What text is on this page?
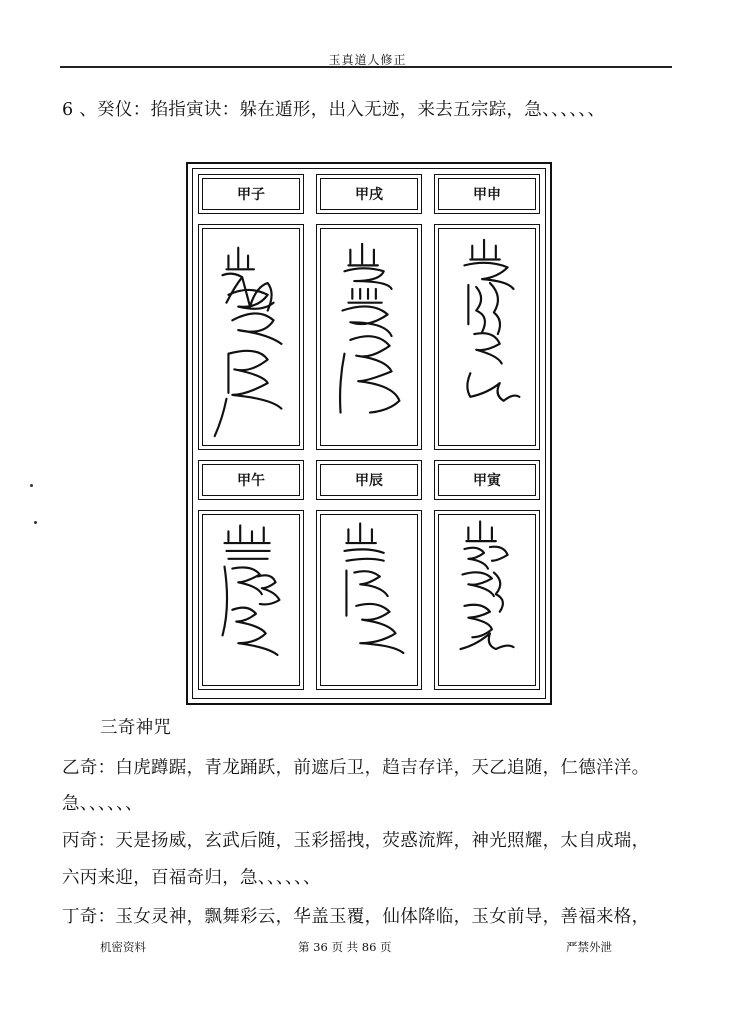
玉真道人修正
6 、癸仪：掐指寅诀：躲在遁形，出入无迹，来去五宗踪，急、、、、、、
甲子	甲戌	甲申
甲午	甲辰	甲寅
三奇神咒
乙奇：白虎蹲踞，青龙踊跃，前遮后卫，趋吉存详，天乙追随，仁德洋洋。
急、、、、、、
丙奇：天是扬威，玄武后随，玉彩摇拽，荧惑流辉，神光照耀，太自成瑞，
六丙来迎，百福奇归，急、、、、、、
丁奇：玉女灵神，飘舞彩云，华盖玉覆，仙体降临，玉女前导，善福来格，
机密资料	第 36 页 共 86 页	严禁外泄
